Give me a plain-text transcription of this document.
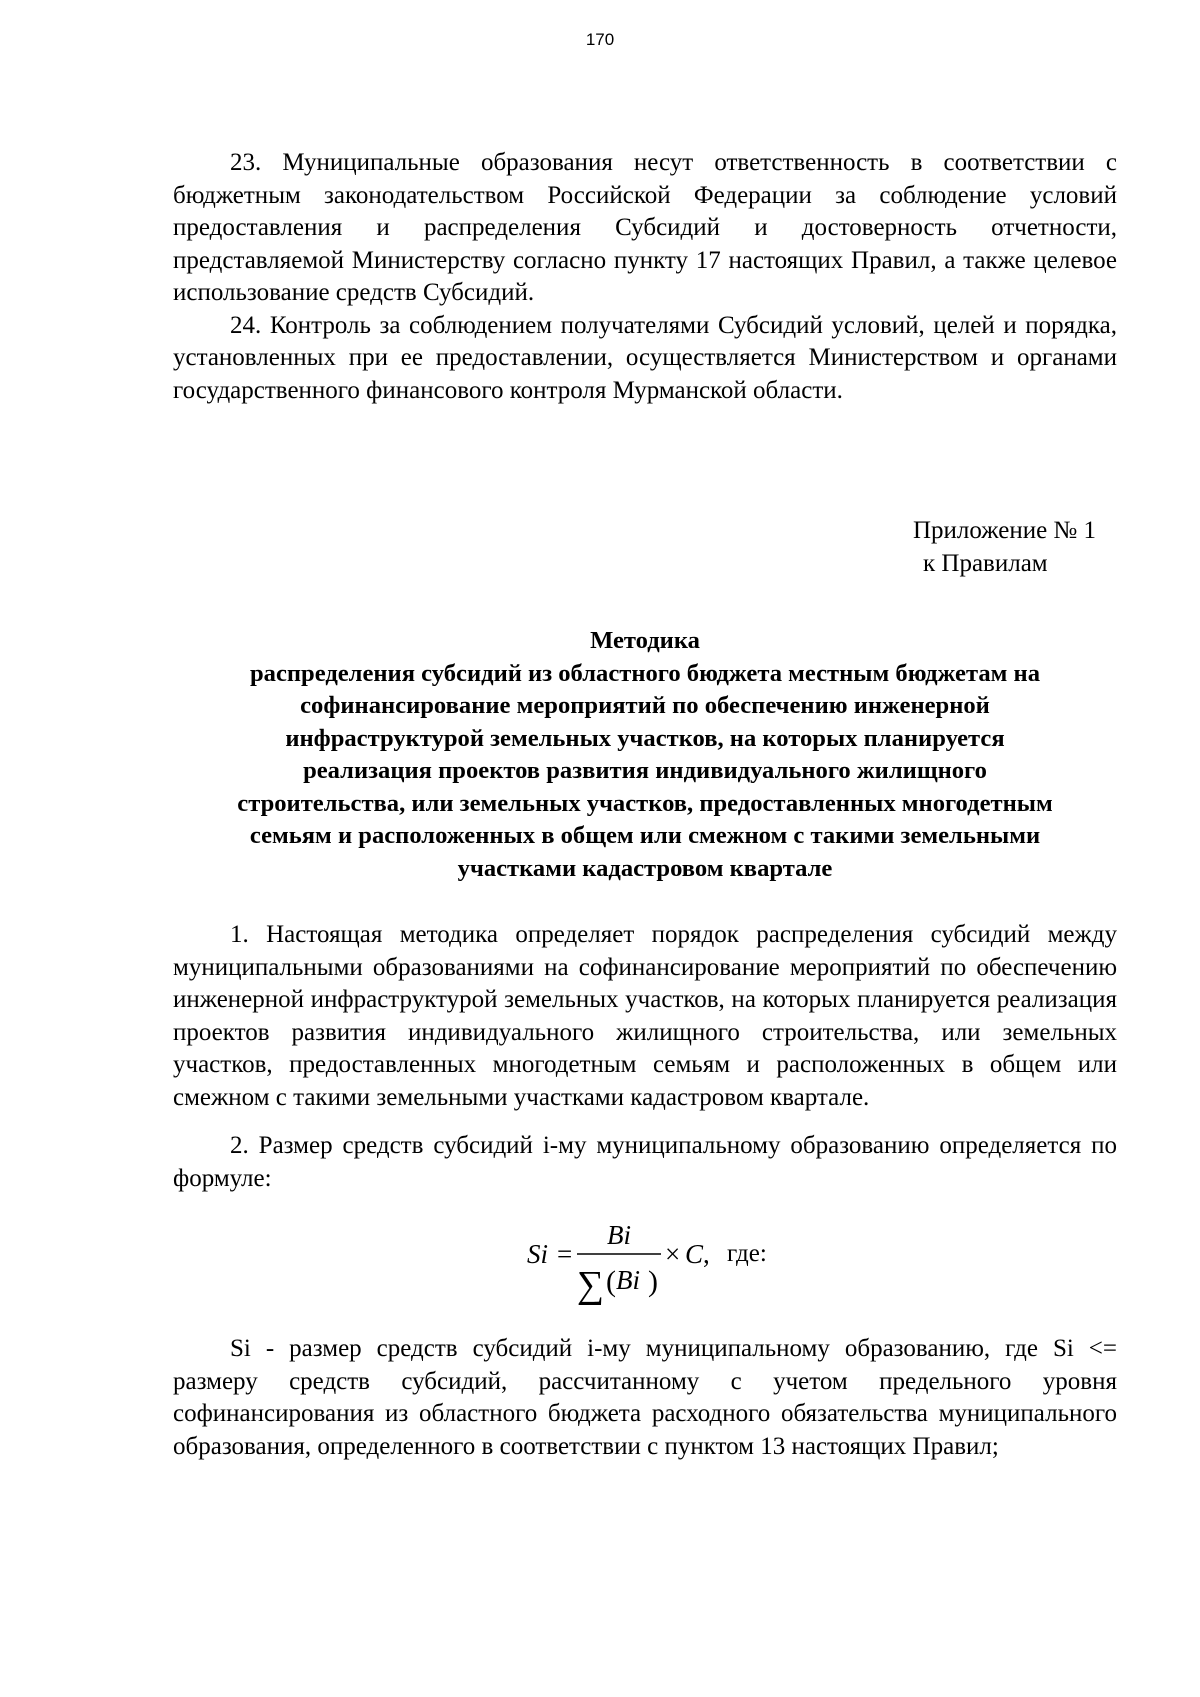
170

23. Муниципальные образования несут ответственность в соответствии с бюджетным законодательством Российской Федерации за соблюдение условий предоставления и распределения Субсидий и достоверность отчетности, представляемой Министерству согласно пункту 17 настоящих Правил, а также целевое использование средств Субсидий.

24. Контроль за соблюдением получателями Субсидий условий, целей и порядка, установленных при ее предоставлении, осуществляется Министерством и органами государственного финансового контроля Мурманской области.

Приложение № 1
к Правилам
Методика
распределения субсидий из областного бюджета местным бюджетам на
софинансирование мероприятий по обеспечению инженерной
инфраструктурой земельных участков, на которых планируется
реализация проектов развития индивидуального жилищного
строительства, или земельных участков, предоставленных многодетным
семьям и расположенных в общем или смежном с такими земельными
участками кадастровом квартале

1. Настоящая методика определяет порядок распределения субсидий между муниципальными образованиями на софинансирование мероприятий по обеспечению инженерной инфраструктурой земельных участков, на которых планируется реализация проектов развития индивидуального жилищного строительства, или земельных участков, предоставленных многодетным семьям и расположенных в общем или смежном с такими земельными участками кадастровом квартале.

2. Размер средств субсидий i-му муниципальному образованию определяется по формуле:

Si =
Bi
∑ ( Bi )
× C , где:

Si - размер средств субсидий i-му муниципальному образованию, где Si <= размеру средств субсидий, рассчитанному с учетом предельного уровня софинансирования из областного бюджета расходного обязательства муниципального образования, определенного в соответствии с пунктом 13 настоящих Правил;
